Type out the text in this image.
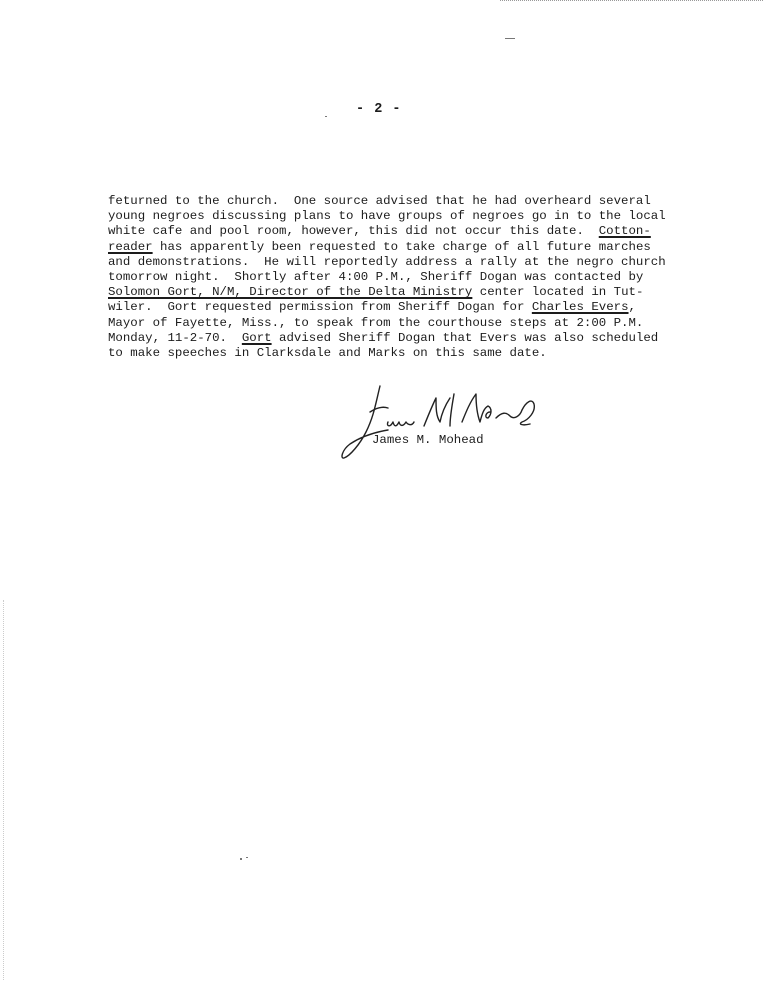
- 2 -
feturned to the church.  One source advised that he had overheard several
young negroes discussing plans to have groups of negroes go in to the local
white cafe and pool room, however, this did not occur this date.  Cotton-
reader has apparently been requested to take charge of all future marches
and demonstrations.  He will reportedly address a rally at the negro church
tomorrow night.  Shortly after 4:00 P.M., Sheriff Dogan was contacted by
Solomon Gort, N/M, Director of the Delta Ministry center located in Tut-
wiler.  Gort requested permission from Sheriff Dogan for Charles Evers,
Mayor of Fayette, Miss., to speak from the courthouse steps at 2:00 P.M.
Monday, 11-2-70.  Gort advised Sheriff Dogan that Evers was also scheduled
to make speeches in Clarksdale and Marks on this same date.
James M. Mohead
